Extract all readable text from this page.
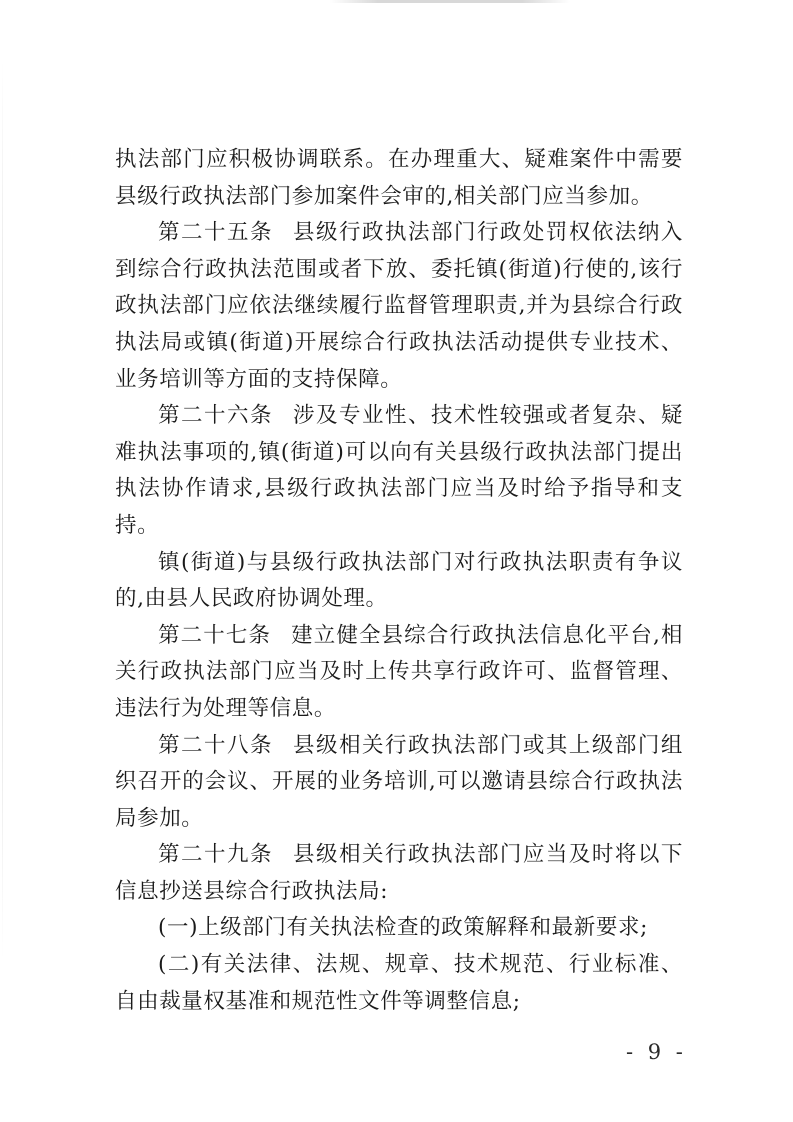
执法部门应积极协调联系。在办理重大、疑难案件中需要县级行政执法部门参加案件会审的,相关部门应当参加。

第二十五条 县级行政执法部门行政处罚权依法纳入到综合行政执法范围或者下放、委托镇(街道)行使的,该行政执法部门应依法继续履行监督管理职责,并为县综合行政执法局或镇(街道)开展综合行政执法活动提供专业技术、业务培训等方面的支持保障。

第二十六条 涉及专业性、技术性较强或者复杂、疑难执法事项的,镇(街道)可以向有关县级行政执法部门提出执法协作请求,县级行政执法部门应当及时给予指导和支持。

镇(街道)与县级行政执法部门对行政执法职责有争议的,由县人民政府协调处理。

第二十七条 建立健全县综合行政执法信息化平台,相关行政执法部门应当及时上传共享行政许可、监督管理、违法行为处理等信息。

第二十八条 县级相关行政执法部门或其上级部门组织召开的会议、开展的业务培训,可以邀请县综合行政执法局参加。

第二十九条 县级相关行政执法部门应当及时将以下信息抄送县综合行政执法局:

(一)上级部门有关执法检查的政策解释和最新要求;

(二)有关法律、法规、规章、技术规范、行业标准、自由裁量权基准和规范性文件等调整信息;

- 9 -
